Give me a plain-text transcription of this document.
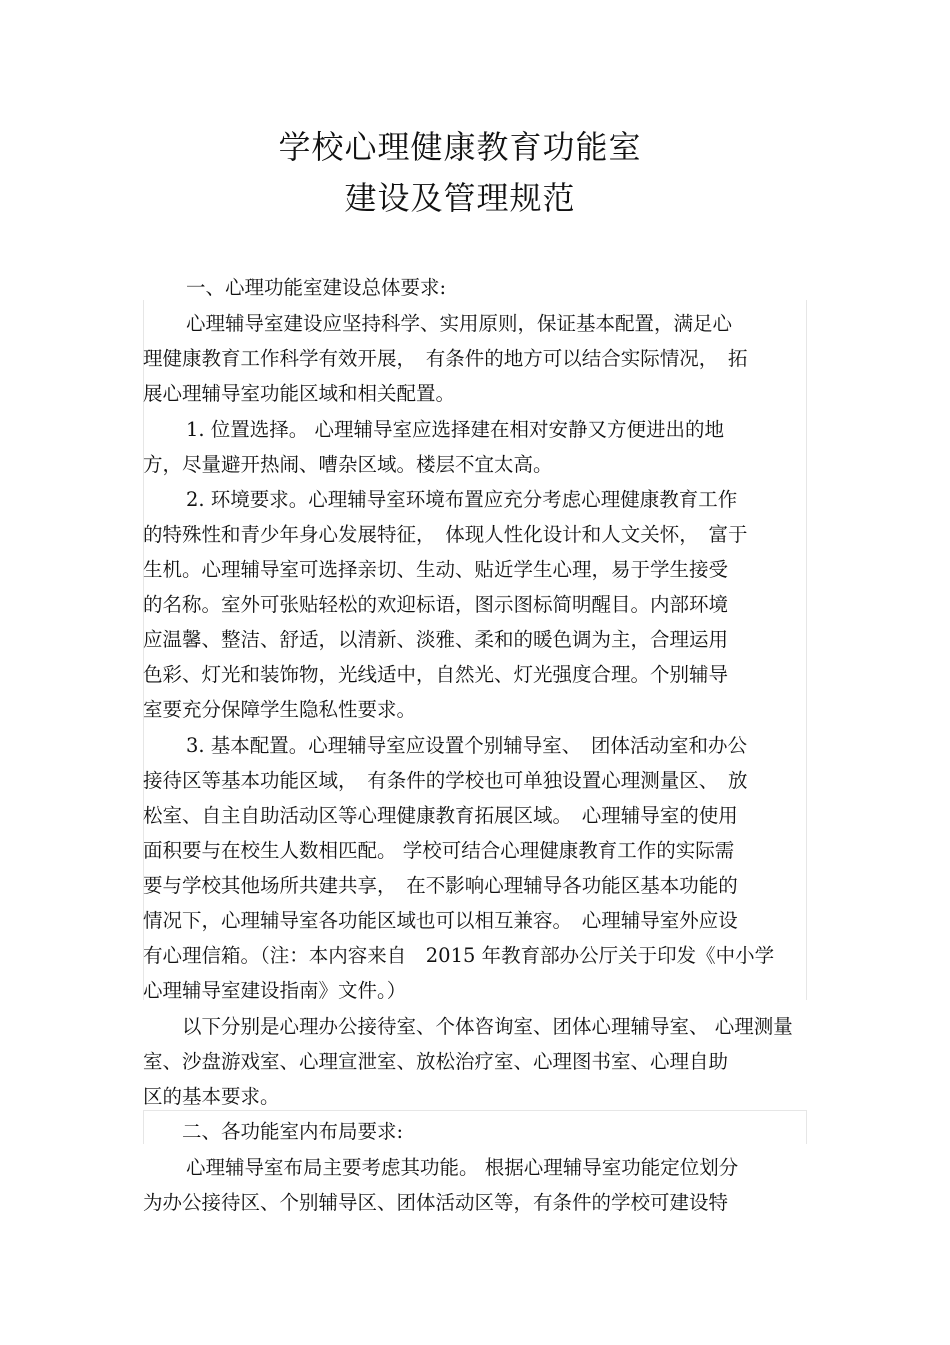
学校心理健康教育功能室
建设及管理规范
一、心理功能室建设总体要求:
心理辅导室建设应坚持科学、实用原则，保证基本配置，满足心
理健康教育工作科学有效开展，　有条件的地方可以结合实际情况，　拓
展心理辅导室功能区域和相关配置。
1. 位置选择。 心理辅导室应选择建在相对安静又方便进出的地
方，尽量避开热闹、嘈杂区域。楼层不宜太高。
2. 环境要求。心理辅导室环境布置应充分考虑心理健康教育工作
的特殊性和青少年身心发展特征，　体现人性化设计和人文关怀，　富于
生机。心理辅导室可选择亲切、生动、贴近学生心理，易于学生接受
的名称。室外可张贴轻松的欢迎标语，图示图标简明醒目。内部环境
应温馨、整洁、舒适，以清新、淡雅、柔和的暖色调为主，合理运用
色彩、灯光和装饰物，光线适中，自然光、灯光强度合理。个别辅导
室要充分保障学生隐私性要求。
3. 基本配置。心理辅导室应设置个别辅导室、　团体活动室和办公
接待区等基本功能区域，　有条件的学校也可单独设置心理测量区、　放
松室、自主自助活动区等心理健康教育拓展区域。　心理辅导室的使用
面积要与在校生人数相匹配。 学校可结合心理健康教育工作的实际需
要与学校其他场所共建共享，　在不影响心理辅导各功能区基本功能的
情况下，心理辅导室各功能区域也可以相互兼容。　心理辅导室外应设
有心理信箱。（注：本内容来自　2015 年教育部办公厅关于印发《中小学
心理辅导室建设指南》文件。）
以下分别是心理办公接待室、个体咨询室、团体心理辅导室、 心理测量
室、沙盘游戏室、心理宣泄室、放松治疗室、心理图书室、心理自助
区的基本要求。
二、各功能室内布局要求:
心理辅导室布局主要考虑其功能。 根据心理辅导室功能定位划分
为办公接待区、个别辅导区、团体活动区等，有条件的学校可建设特
